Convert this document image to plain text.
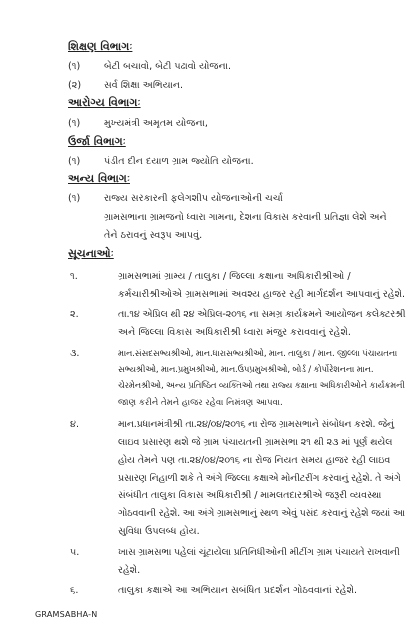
શિક્ષણ વિભાગઃ
(૧) બેટી બચાવો, બેટી પઢાવો યોજના.
(૨) સર્વ શિક્ષા અભિયાન.
આરોગ્ય વિભાગઃ
(૧) મુખ્યમંત્રી અમૃતમ યોજના,
ઉર્જા વિભાગઃ
(૧) પંડીત દીન દયાળ ગ્રામ જ્યોતિ યોજના.
અન્ય વિભાગઃ
(૧) રાજ્ય સરકારની ફલેગશીપ યોજનાઓની ચર્ચા
ગ્રામસભાના ગ્રામજનો ધ્વારા ગામના, દેશના વિકાસ કરવાની પ્રતિજ્ઞા લેશે અને
તેને ઠરાવનું સ્વરૂપ આપવું.
સૂચનાઓઃ
૧.	ગ્રામસભામાં ગ્રામ્ય / તાલુકા / જિલ્લા કક્ષાના અધિકારીશ્રીઓ /
કર્મચારીશ્રીઓએ ગ્રામસભામાં અવશ્ય હાજર રહી માર્ગદર્શન આપવાનું રહેશે.
૨.	તા.૧૪ એપ્રિલ થી ૨૪ એપ્રિલ-૨૦૧૬ ના સમગ્ર કાર્યક્રમને આયોજન કલેક્ટરશ્રી
અને જિલ્લા વિકાસ અધિકારીશ્રી ધ્વારા મંજુર કરાવવાનું રહેશે.
૩.	માન.સંસદસભ્યશ્રીઓ, માન.ધારાસભ્યશ્રીઓ, માન. તાલુકા / માન. જીલ્લા પંચાયતના
સભ્યશ્રીઓ, માન.પ્રમુખશ્રીઓ, માન.ઉપપ્રમુખશ્રીઓ, બોર્ડ / કોર્પોરેશનના માન.
ચેરમેનશ્રીઓ, અન્ય પ્રતિષ્ઠિત વ્યક્તિઓ તથા રાજ્ય કક્ષાના અધિકારીઓને કાર્યક્રમની
જાણ કરીને તેમને હાજર રહેવા નિમંત્રણ આપવા.
૪.	માન.પ્રધાનમંત્રીશ્રી તા.૨૪/૦૪/૨૦૧૬ ના રોજ ગ્રામસભાને સંબોધન કરશે. જેનું
લાઇવ પ્રસારણ થશે જે ગ્રામ પંચાયતની ગ્રામસભા ૨૧ થી ૨૩ માં પૂર્ણ થયેલ
હોય તેમને પણ તા.૨૪/૦૪/૨૦૧૬ ના રોજ નિયત સમય હાજર રહી લાઇવ
પ્રસારણ નિહાળી શકે તે અંગે જિલ્લા કક્ષાએ મોનીટરીંગ કરવાનું રહેશે. તે અંગે
સંબંધીત તાલુકા વિકાસ અધિકારીશ્રી / મામલતદારશ્રીએ જરૂરી વ્યવસ્થા
ગોઠવવાની રહેશે. આ અંગે ગ્રામસભાનું સ્થળ એવું પસંદ કરવાનું રહેશે જયાં આ
સુવિધા ઉપલબ્ધ હોય.
૫.	ખાસ ગ્રામસભા પહેલાં ચૂંટાયેલા પ્રતિનિધીઓની મીટીંગ ગ્રામ પંચાયતે રાખવાની
રહેશે.
૬.	તાલુકા કક્ષાએ આ અભિયાન સબંધિત પ્રદર્શન ગોઠવવાનાં રહેશે.
GRAMSABHA-N
